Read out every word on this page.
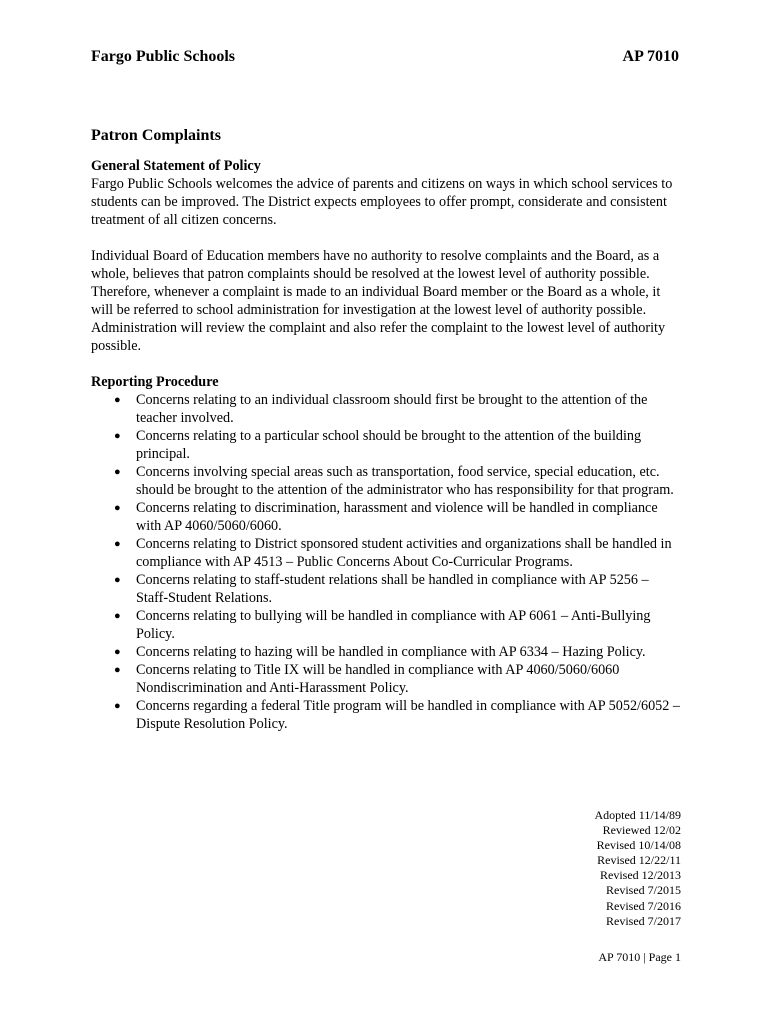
Fargo Public Schools	AP 7010
Patron Complaints

General Statement of Policy

Fargo Public Schools welcomes the advice of parents and citizens on ways in which school services to students can be improved. The District expects employees to offer prompt, considerate and consistent treatment of all citizen concerns.

Individual Board of Education members have no authority to resolve complaints and the Board, as a whole, believes that patron complaints should be resolved at the lowest level of authority possible. Therefore, whenever a complaint is made to an individual Board member or the Board as a whole, it will be referred to school administration for investigation at the lowest level of authority possible. Administration will review the complaint and also refer the complaint to the lowest level of authority possible.

Reporting Procedure

● Concerns relating to an individual classroom should first be brought to the attention of the teacher involved.
● Concerns relating to a particular school should be brought to the attention of the building principal.
● Concerns involving special areas such as transportation, food service, special education, etc. should be brought to the attention of the administrator who has responsibility for that program.
● Concerns relating to discrimination, harassment and violence will be handled in compliance with AP 4060/5060/6060.
● Concerns relating to District sponsored student activities and organizations shall be handled in compliance with AP 4513 – Public Concerns About Co-Curricular Programs.
● Concerns relating to staff-student relations shall be handled in compliance with AP 5256 – Staff-Student Relations.
● Concerns relating to bullying will be handled in compliance with AP 6061 – Anti-Bullying Policy.
● Concerns relating to hazing will be handled in compliance with AP 6334 – Hazing Policy.
● Concerns relating to Title IX will be handled in compliance with AP 4060/5060/6060 Nondiscrimination and Anti-Harassment Policy.
● Concerns regarding a federal Title program will be handled in compliance with AP 5052/6052 – Dispute Resolution Policy.
Adopted 11/14/89
Reviewed 12/02
Revised 10/14/08
Revised 12/22/11
Revised 12/2013
Revised 7/2015
Revised 7/2016
Revised 7/2017
AP 7010 | Page 1
